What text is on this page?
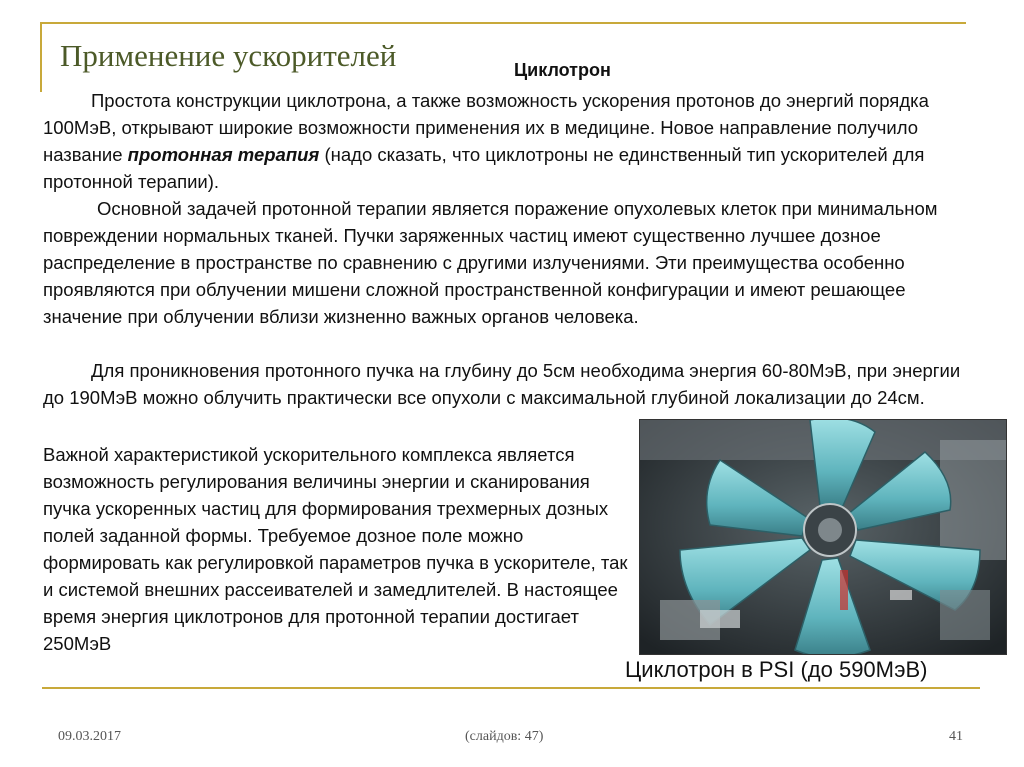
Применение ускорителей	Циклотрон

Простота конструкции циклотрона, а также возможность ускорения протонов до энергий порядка 100МэВ, открывают широкие возможности применения их в медицине. Новое направление получило название протонная терапия (надо сказать, что циклотроны не единственный тип ускорителей для протонной терапии).

Основной задачей протонной терапии является поражение опухолевых клеток при минимальном повреждении нормальных тканей. Пучки заряженных частиц имеют существенно лучшее дозное распределение в пространстве по сравнению с другими излучениями. Эти преимущества особенно проявляются при облучении мишени сложной пространственной конфигурации и имеют решающее значение при облучении вблизи жизненно важных органов человека.

Для проникновения протонного пучка на глубину до 5см необходима энергия 60-80МэВ, при энергии до 190МэВ можно облучить практически все опухоли с максимальной глубиной локализации до 24см.

Важной характеристикой ускорительного комплекса является возможность регулирования величины энергии и сканирования пучка ускоренных частиц для формирования трехмерных дозных полей заданной формы. Требуемое дозное поле можно формировать как регулировкой параметров пучка в ускорителе, так и системой внешних рассеивателей и замедлителей. В настоящее время энергия циклотронов для протонной терапии достигает 250МэВ

Циклотрон в PSI (до 590МэВ)
09.03.2017	(слайдов: 47)	41
